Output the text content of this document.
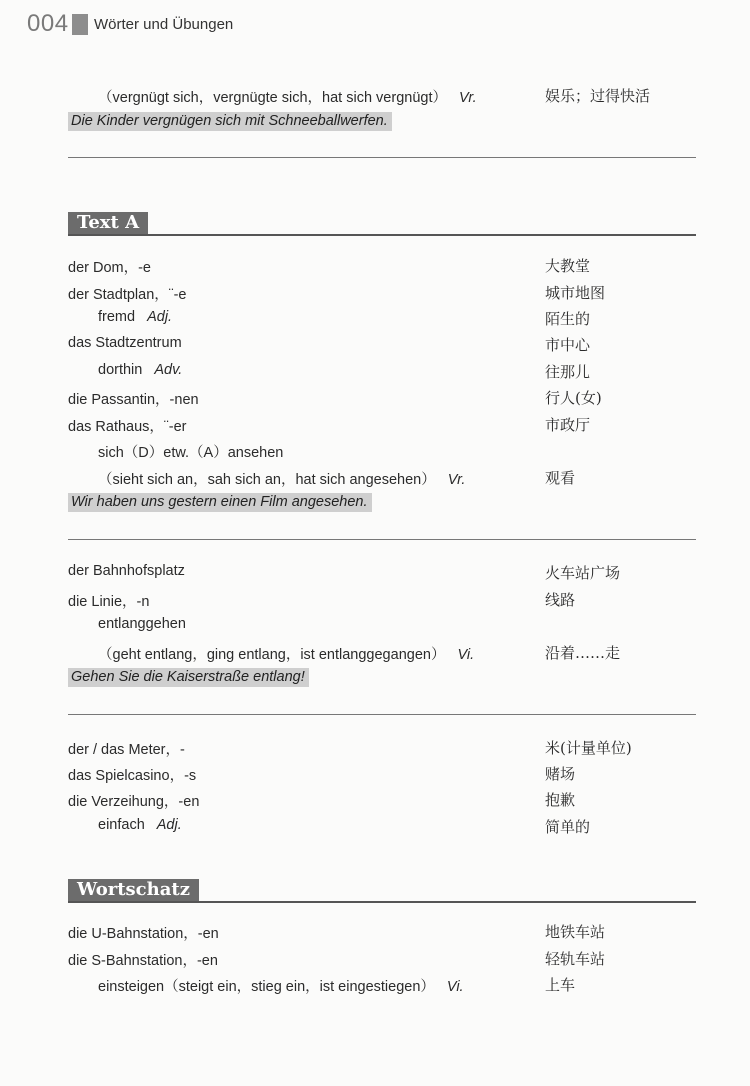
004 Wörter und Übungen
（vergnügt sich，vergnügte sich，hat sich vergnügt） Vr.	娱乐；过得快活
Die Kinder vergnügen sich mit Schneeballwerfen.
Text A
der Dom，-e	大教堂
der Stadtplan，¨-e	城市地图
fremd Adj.	陌生的
das Stadtzentrum	市中心
dorthin Adv.	往那儿
die Passantin，-nen	行人(女)
das Rathaus，¨-er	市政厅
sich（D）etw.（A）ansehen
（sieht sich an，sah sich an，hat sich angesehen） Vr.	观看
Wir haben uns gestern einen Film angesehen.
der Bahnhofsplatz	火车站广场
die Linie，-n	线路
entlanggehen
（geht entlang，ging entlang，ist entlanggegangen） Vi.	沿着……走
Gehen Sie die Kaiserstraße entlang!
der / das Meter，-	米(计量单位)
das Spielcasino，-s	赌场
die Verzeihung，-en	抱歉
einfach Adj.	简单的
Wortschatz
die U-Bahnstation，-en	地铁车站
die S-Bahnstation，-en	轻轨车站
einsteigen（steigt ein，stieg ein，ist eingestiegen） Vi.	上车
